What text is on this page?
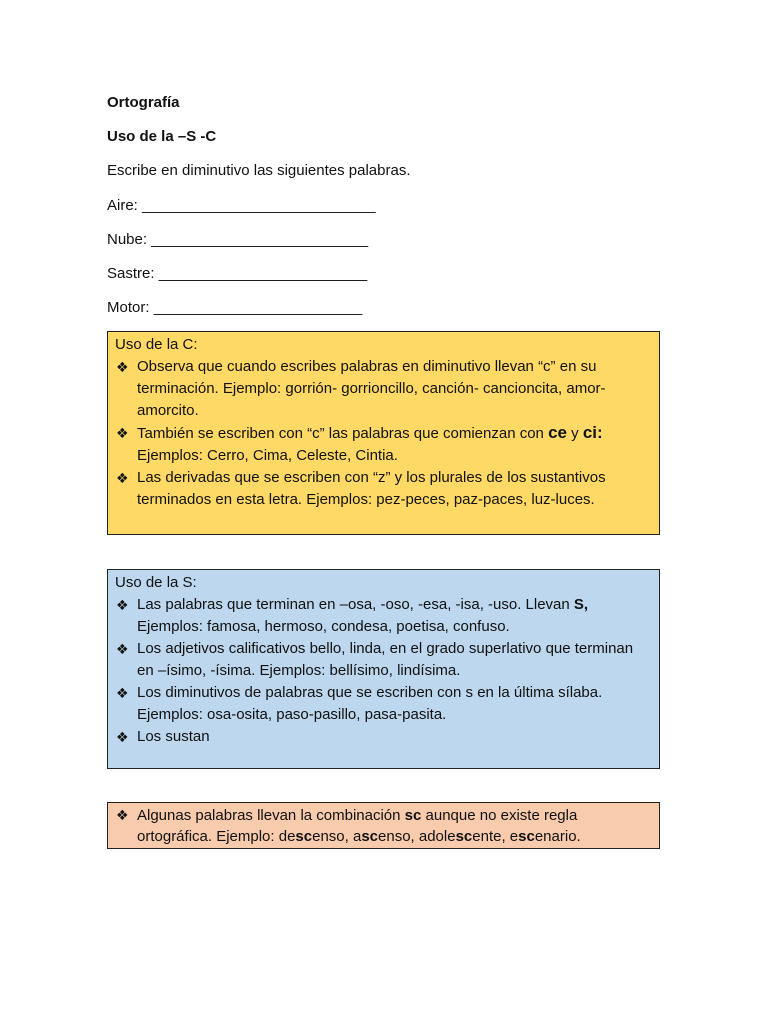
Ortografía

Uso de la –S -C

Escribe en diminutivo las siguientes palabras.

Aire: ____________________________

Nube: __________________________

Sastre: _________________________

Motor: _________________________

Uso de la C:

❖ Observa que cuando escribes palabras en diminutivo llevan “c” en su terminación. Ejemplo: gorrión- gorrioncillo, canción- cancioncita, amor-amorcito.
❖ También se escriben con “c” las palabras que comienzan con ce y ci: Ejemplos: Cerro, Cima, Celeste, Cintia.
❖ Las derivadas que se escriben con “z” y los plurales de los sustantivos terminados en esta letra. Ejemplos: pez-peces, paz-paces, luz-luces.

Uso de la S:

❖ Las palabras que terminan en –osa, -oso, -esa, -isa, -uso. Llevan S, Ejemplos: famosa, hermoso, condesa, poetisa, confuso.
❖ Los adjetivos calificativos bello, linda, en el grado superlativo que terminan en –ísimo, -ísima. Ejemplos: bellísimo, lindísima.
❖ Los diminutivos de palabras que se escriben con s en la última sílaba. Ejemplos: osa-osita, paso-pasillo, pasa-pasita.
❖ Los sustan
❖ Algunas palabras llevan la combinación sc aunque no existe regla ortográfica. Ejemplo: descenso, ascenso, adolescente, escenario.
